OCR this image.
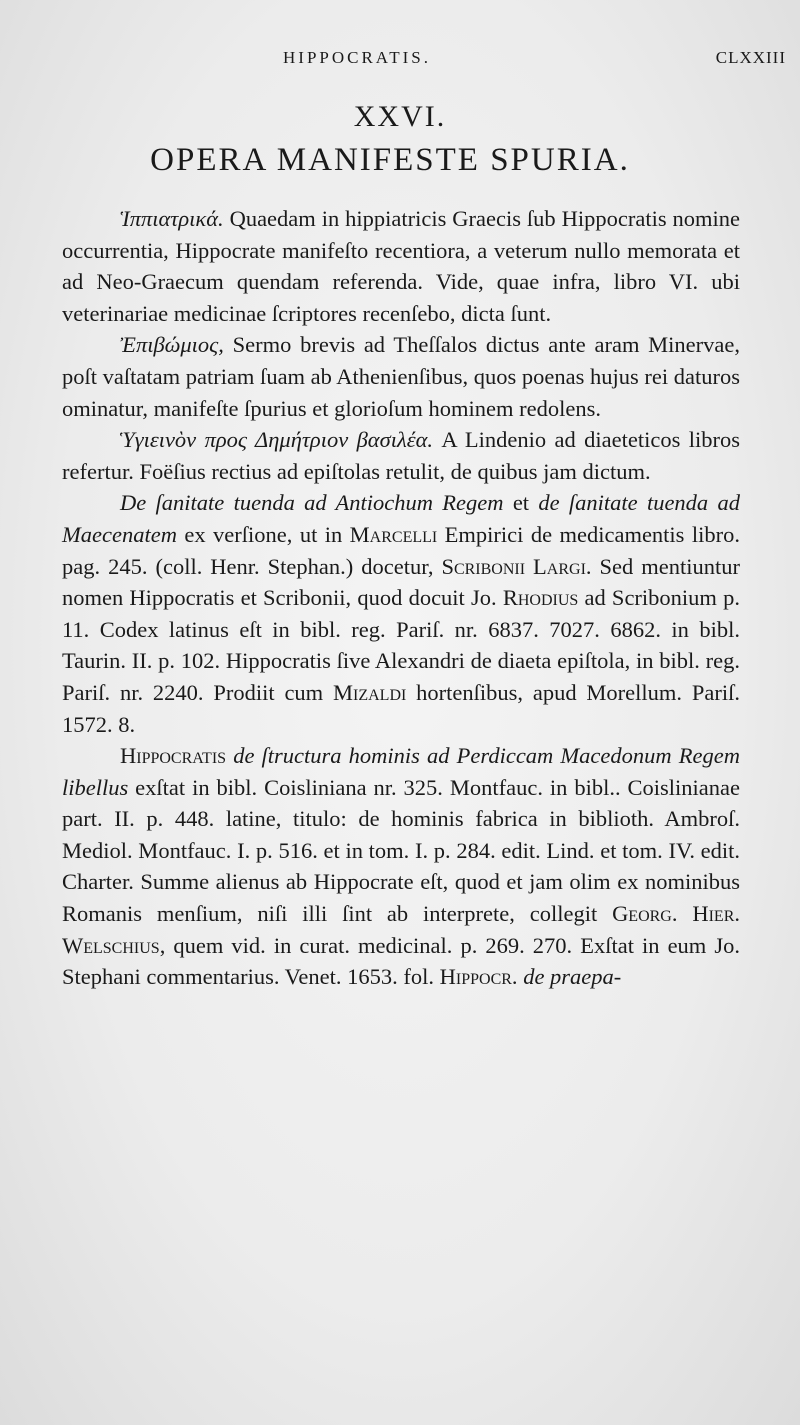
HIPPOCRATIS.	CLXXIII
XXVI.
OPERA MANIFESTE SPURIA.

Ἱππιατρικά. Quaedam in hippiatricis Graecis ſub Hippocratis nomine occurrentia, Hippocrate manifeſto recentiora, a veterum nullo memorata et ad Neo-Graecum quendam referenda. Vide, quae infra, libro VI. ubi veterinariae medicinae ſcriptores recenſebo, dicta ſunt.

Ἐπιβώμιος, Sermo brevis ad Theſſalos dictus ante aram Minervae, poſt vaſtatam patriam ſuam ab Athenienſibus, quos poenas hujus rei daturos ominatur, manifeſte ſpurius et glorioſum hominem redolens.

Ὑγιεινὸν προς Δημήτριον βασιλέα. A Lindenio ad diaeteticos libros refertur. Foëſius rectius ad epiſtolas retulit, de quibus jam dictum.

De ſanitate tuenda ad Antiochum Regem et de ſanitate tuenda ad Maecenatem ex verſione, ut in Marcelli Empirici de medicamentis libro. pag. 245. (coll. Henr. Stephan.) docetur, Scribonii Largi. Sed mentiuntur nomen Hippocratis et Scribonii, quod docuit Jo. Rhodius ad Scribonium p. 11. Codex latinus eſt in bibl. reg. Pariſ. nr. 6837. 7027. 6862. in bibl. Taurin. II. p. 102. Hippocratis ſive Alexandri de diaeta epiſtola, in bibl. reg. Pariſ. nr. 2240. Prodiit cum Mizaldi hortenſibus, apud Morellum. Pariſ. 1572. 8.

Hippocratis de ſtructura hominis ad Perdiccam Macedonum Regem libellus exſtat in bibl. Coisliniana nr. 325. Montfauc. in bibl.. Coislinianae part. II. p. 448. latine, titulo: de hominis fabrica in biblioth. Ambroſ. Mediol. Montfauc. I. p. 516. et in tom. I. p. 284. edit. Lind. et tom. IV. edit. Charter. Summe alienus ab Hippocrate eſt, quod et jam olim ex nominibus Romanis menſium, niſi illi ſint ab interprete, collegit Georg. Hier. Welschius, quem vid. in curat. medicinal. p. 269. 270. Exſtat in eum Jo. Stephani commentarius. Venet. 1653. fol. Hippocr. de praepa-
